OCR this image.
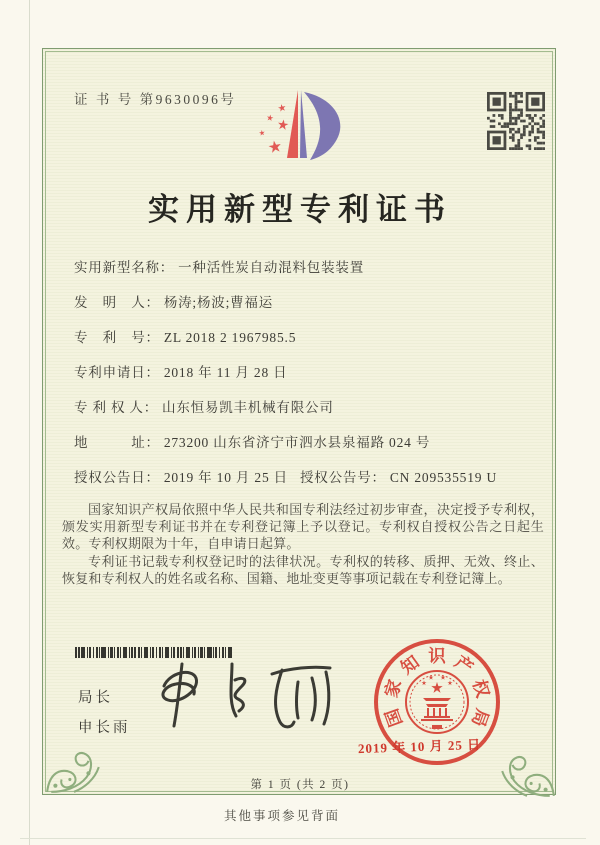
证 书 号 第9630096号
实用新型专利证书
实用新型名称： 一种活性炭自动混料包装装置
发　明　人： 杨涛;杨波;曹福运
专　利　号： ZL 2018 2 1967985.5
专利申请日： 2018 年 11 月 28 日
专 利 权 人： 山东恒易凯丰机械有限公司
地　　　址： 273200 山东省济宁市泗水县泉福路 024 号
授权公告日： 2019 年 10 月 25 日 授权公告号： CN 209535519 U

国家知识产权局依照中华人民共和国专利法经过初步审查，决定授予专利权，颁发实用新型专利证书并在专利登记簿上予以登记。专利权自授权公告之日起生效。专利权期限为十年，自申请日起算。

专利证书记载专利权登记时的法律状况。专利权的转移、质押、无效、终止、恢复和专利权人的姓名或名称、国籍、地址变更等事项记载在专利登记簿上。

局长
申长雨	国
家
知 识 产
权
局
2019 年 10 月 25 日
第 1 页 (共 2 页)
其他事项参见背面
